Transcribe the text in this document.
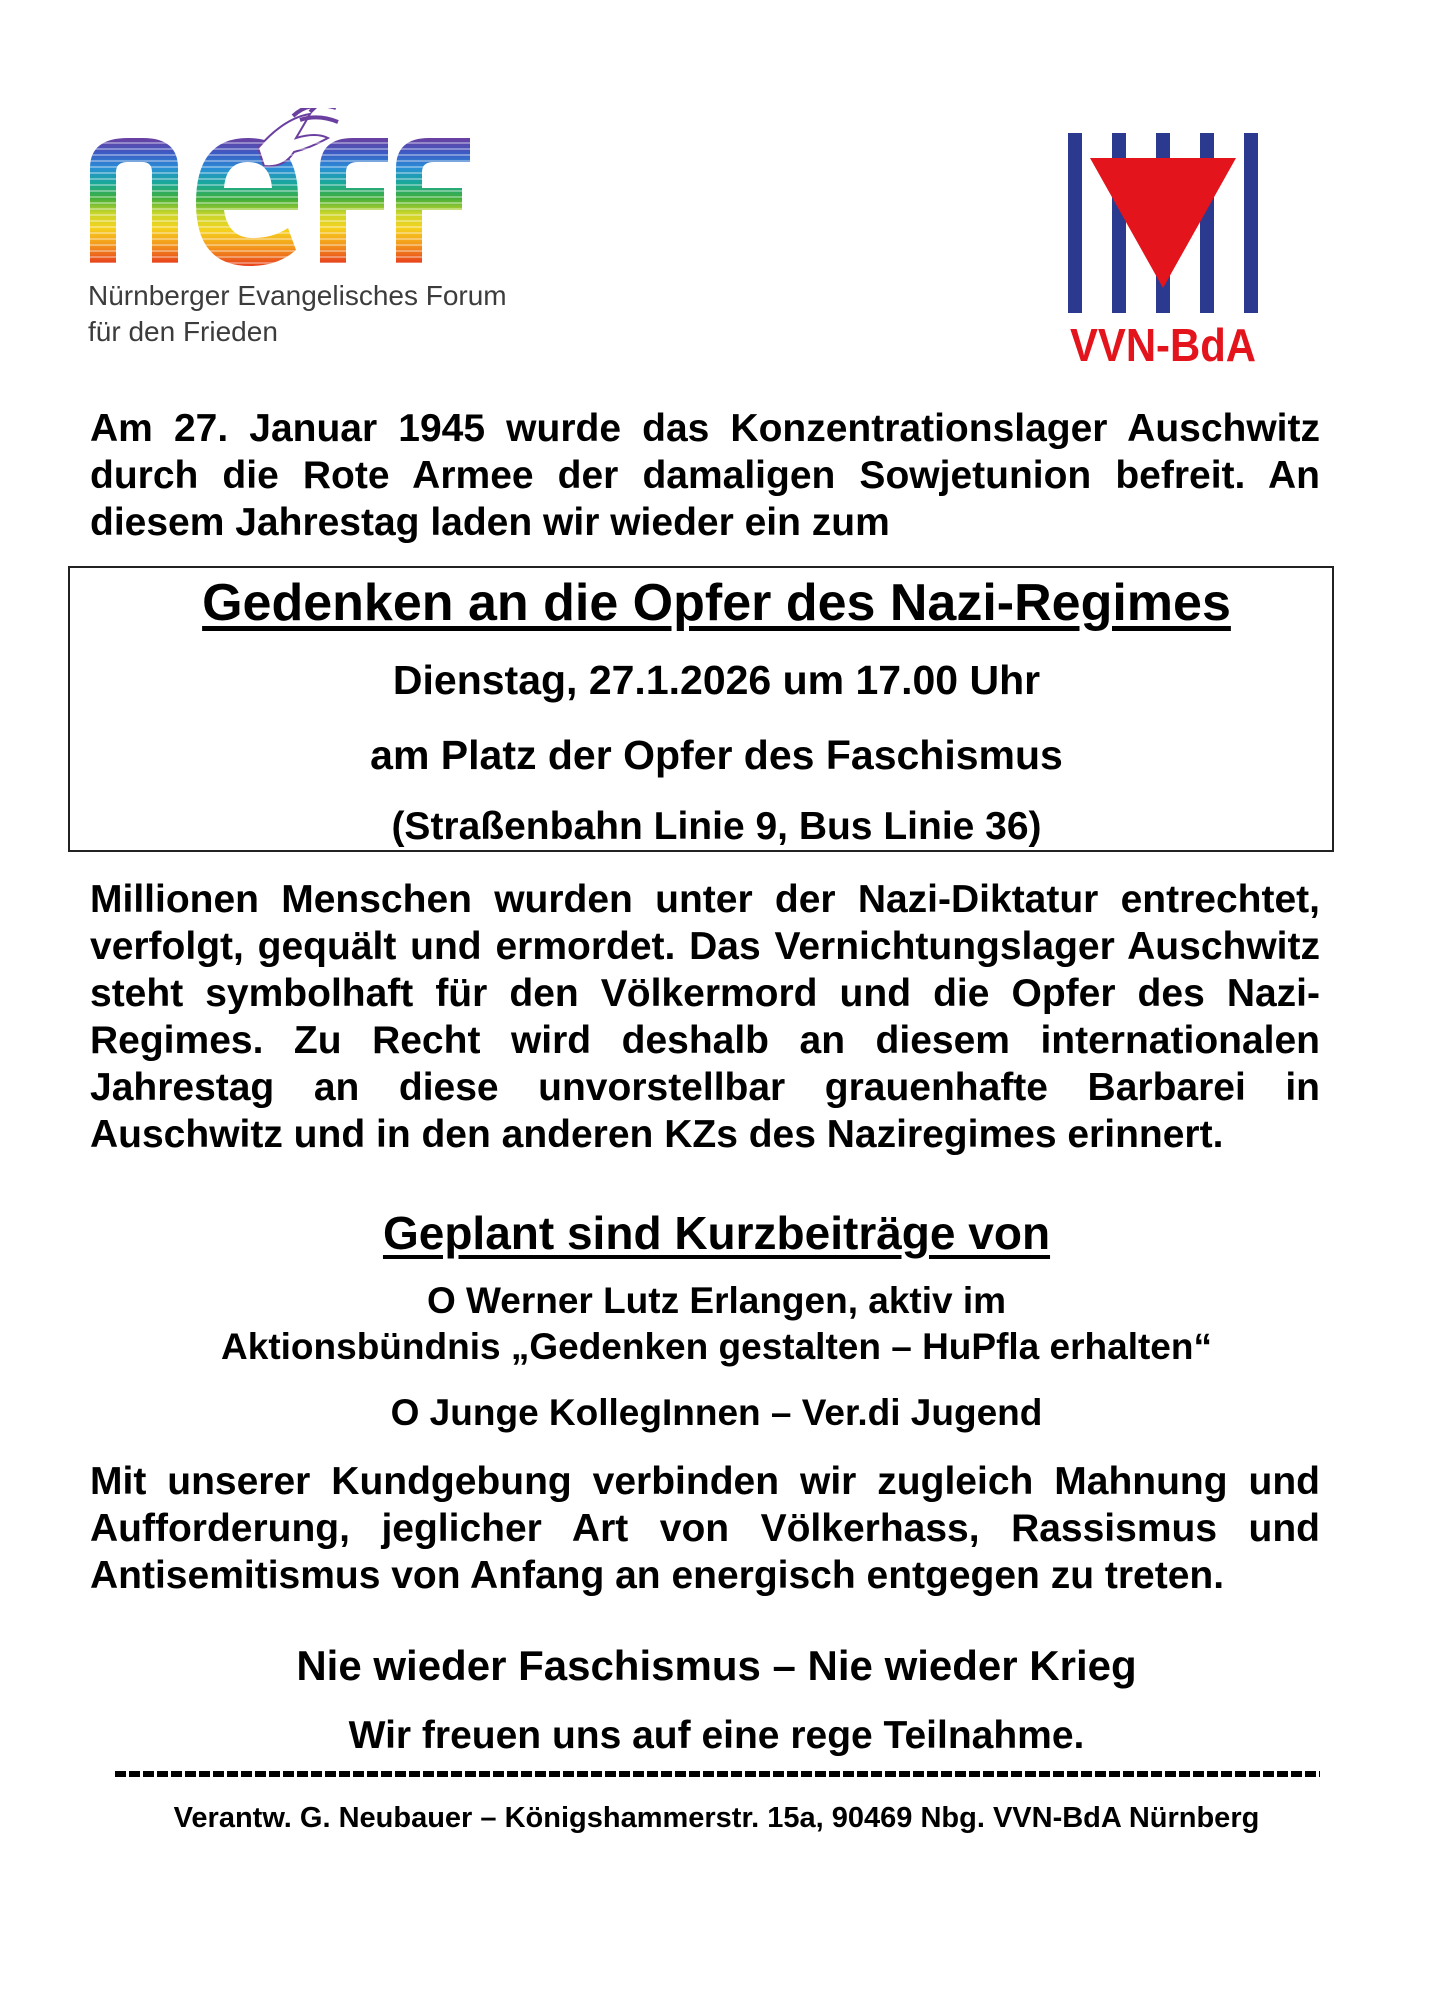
Nürnberger Evangelisches Forum
für den Frieden	VVN-BdA
Am 27. Januar 1945 wurde das Konzentrationslager Auschwitz durch die Rote Armee der damaligen Sowjetunion befreit. An diesem Jahrestag laden wir wieder ein zum
Gedenken an die Opfer des Nazi-Regimes
Dienstag, 27.1.2026 um 17.00 Uhr
am Platz der Opfer des Faschismus
(Straßenbahn Linie 9, Bus Linie 36)
Millionen Menschen wurden unter der Nazi-Diktatur entrechtet, verfolgt, gequält und ermordet. Das Vernichtungslager Auschwitz steht symbolhaft für den Völkermord und die Opfer des Nazi-Regimes. Zu Recht wird deshalb an diesem internationalen Jahrestag an diese unvorstellbar grauenhafte Barbarei in Auschwitz und in den anderen KZs des Naziregimes erinnert.
Geplant sind Kurzbeiträge von
O Werner Lutz Erlangen, aktiv im
Aktionsbündnis „Gedenken gestalten – HuPfla erhalten“
O Junge KollegInnen – Ver.di Jugend
Mit unserer Kundgebung verbinden wir zugleich Mahnung und Aufforderung, jeglicher Art von Völkerhass, Rassismus und Antisemitismus von Anfang an energisch entgegen zu treten.
Nie wieder Faschismus – Nie wieder Krieg
Wir freuen uns auf eine rege Teilnahme.
Verantw. G. Neubauer – Königshammerstr. 15a, 90469 Nbg. VVN-BdA Nürnberg
